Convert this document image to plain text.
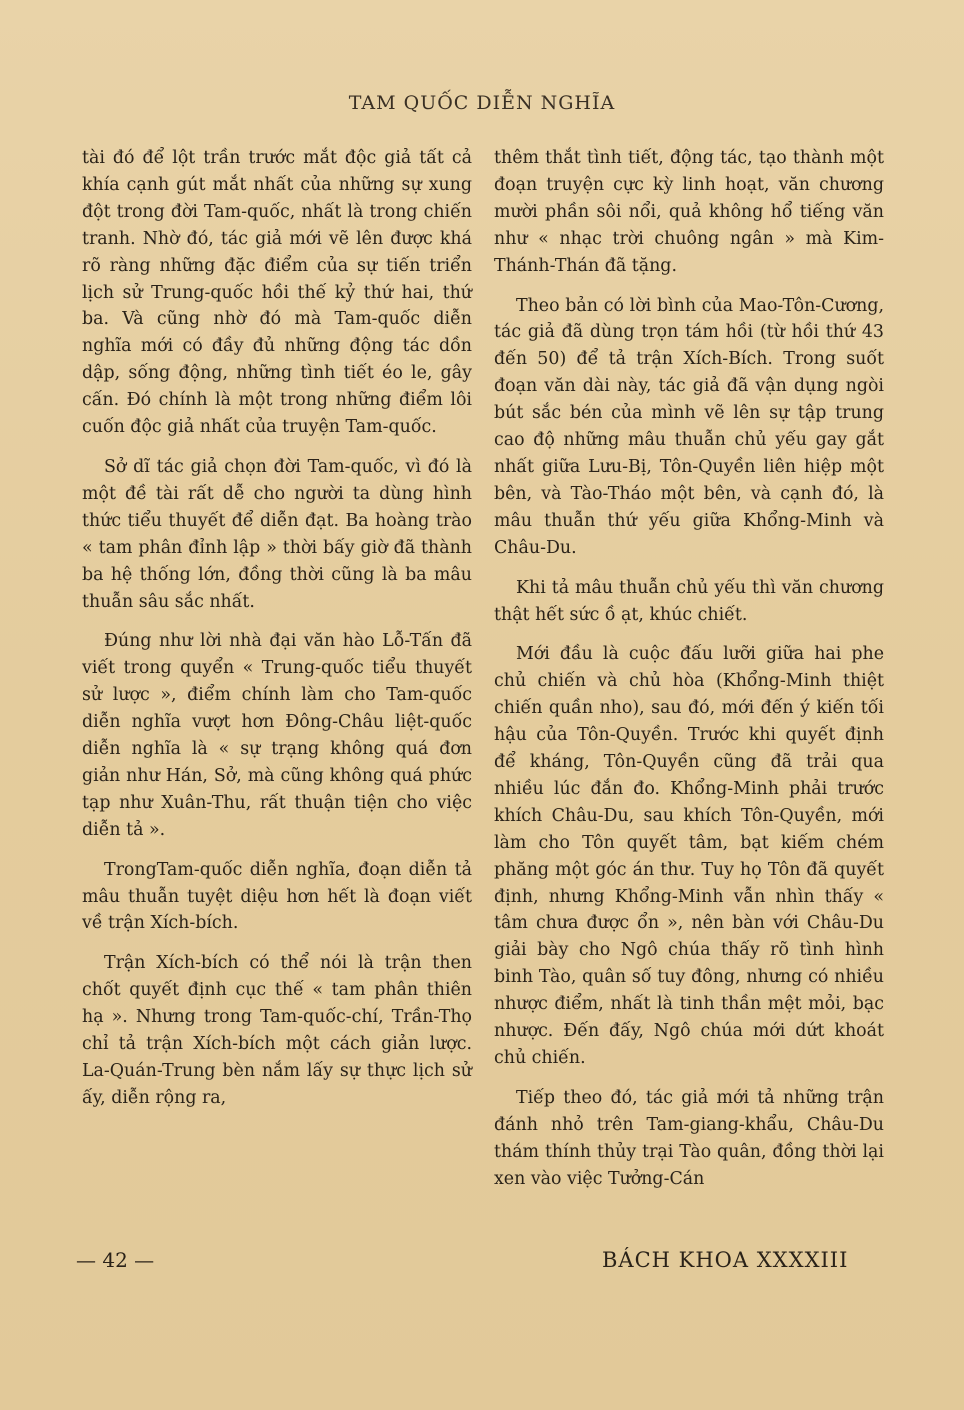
TAM QUỐC DIỄN NGHĨA

tài đó để lột trần trước mắt độc giả tất cả khía cạnh gút mắt nhất của những sự xung đột trong đời Tam-quốc, nhất là trong chiến tranh. Nhờ đó, tác giả mới vẽ lên được khá rõ ràng những đặc điểm của sự tiến triển lịch sử Trung-quốc hồi thế kỷ thứ hai, thứ ba. Và cũng nhờ đó mà Tam-quốc diễn nghĩa mới có đầy đủ những động tác dồn dập, sống động, những tình tiết éo le, gây cấn. Đó chính là một trong những điểm lôi cuốn độc giả nhất của truyện Tam-quốc.

Sở dĩ tác giả chọn đời Tam-quốc, vì đó là một đề tài rất dễ cho người ta dùng hình thức tiểu thuyết để diễn đạt. Ba hoàng trào « tam phân đỉnh lập » thời bấy giờ đã thành ba hệ thống lớn, đồng thời cũng là ba mâu thuẫn sâu sắc nhất.

Đúng như lời nhà đại văn hào Lỗ-Tấn đã viết trong quyển « Trung-quốc tiểu thuyết sử lược », điểm chính làm cho Tam-quốc diễn nghĩa vượt hơn Đông-Châu liệt-quốc diễn nghĩa là « sự trạng không quá đơn giản như Hán, Sở, mà cũng không quá phức tạp như Xuân-Thu, rất thuận tiện cho việc diễn tả ».

TrongTam-quốc diễn nghĩa, đoạn diễn tả mâu thuẫn tuyệt diệu hơn hết là đoạn viết về trận Xích-bích.

Trận Xích-bích có thể nói là trận then chốt quyết định cục thế « tam phân thiên hạ ». Nhưng trong Tam-quốc-chí, Trần-Thọ chỉ tả trận Xích-bích một cách giản lược. La-Quán-Trung bèn nắm lấy sự thực lịch sử ấy, diễn rộng ra,

thêm thắt tình tiết, động tác, tạo thành một đoạn truyện cực kỳ linh hoạt, văn chương mười phần sôi nổi, quả không hổ tiếng văn như « nhạc trời chuông ngân » mà Kim-Thánh-Thán đã tặng.

Theo bản có lời bình của Mao-Tôn-Cương, tác giả đã dùng trọn tám hồi (từ hồi thứ 43 đến 50) để tả trận Xích-Bích. Trong suốt đoạn văn dài này, tác giả đã vận dụng ngòi bút sắc bén của mình vẽ lên sự tập trung cao độ những mâu thuẫn chủ yếu gay gắt nhất giữa Lưu-Bị, Tôn-Quyền liên hiệp một bên, và Tào-Tháo một bên, và cạnh đó, là mâu thuẫn thứ yếu giữa Khổng-Minh và Châu-Du.

Khi tả mâu thuẫn chủ yếu thì văn chương thật hết sức ồ ạt, khúc chiết.

Mới đầu là cuộc đấu lưỡi giữa hai phe chủ chiến và chủ hòa (Khổng-Minh thiệt chiến quần nho), sau đó, mới đến ý kiến tối hậu của Tôn-Quyền. Trước khi quyết định để kháng, Tôn-Quyền cũng đã trải qua nhiều lúc đắn đo. Khổng-Minh phải trước khích Châu-Du, sau khích Tôn-Quyền, mới làm cho Tôn quyết tâm, bạt kiếm chém phăng một góc án thư. Tuy họ Tôn đã quyết định, nhưng Khổng-Minh vẫn nhìn thấy « tâm chưa được ổn », nên bàn với Châu-Du giải bày cho Ngô chúa thấy rõ tình hình binh Tào, quân số tuy đông, nhưng có nhiều nhược điểm, nhất là tinh thần mệt mỏi, bạc nhược. Đến đấy, Ngô chúa mới dứt khoát chủ chiến.

Tiếp theo đó, tác giả mới tả những trận đánh nhỏ trên Tam-giang-khẩu, Châu-Du thám thính thủy trại Tào quân, đồng thời lại xen vào việc Tưởng-Cán

— 42 —	BÁCH KHOA XXXXIII
